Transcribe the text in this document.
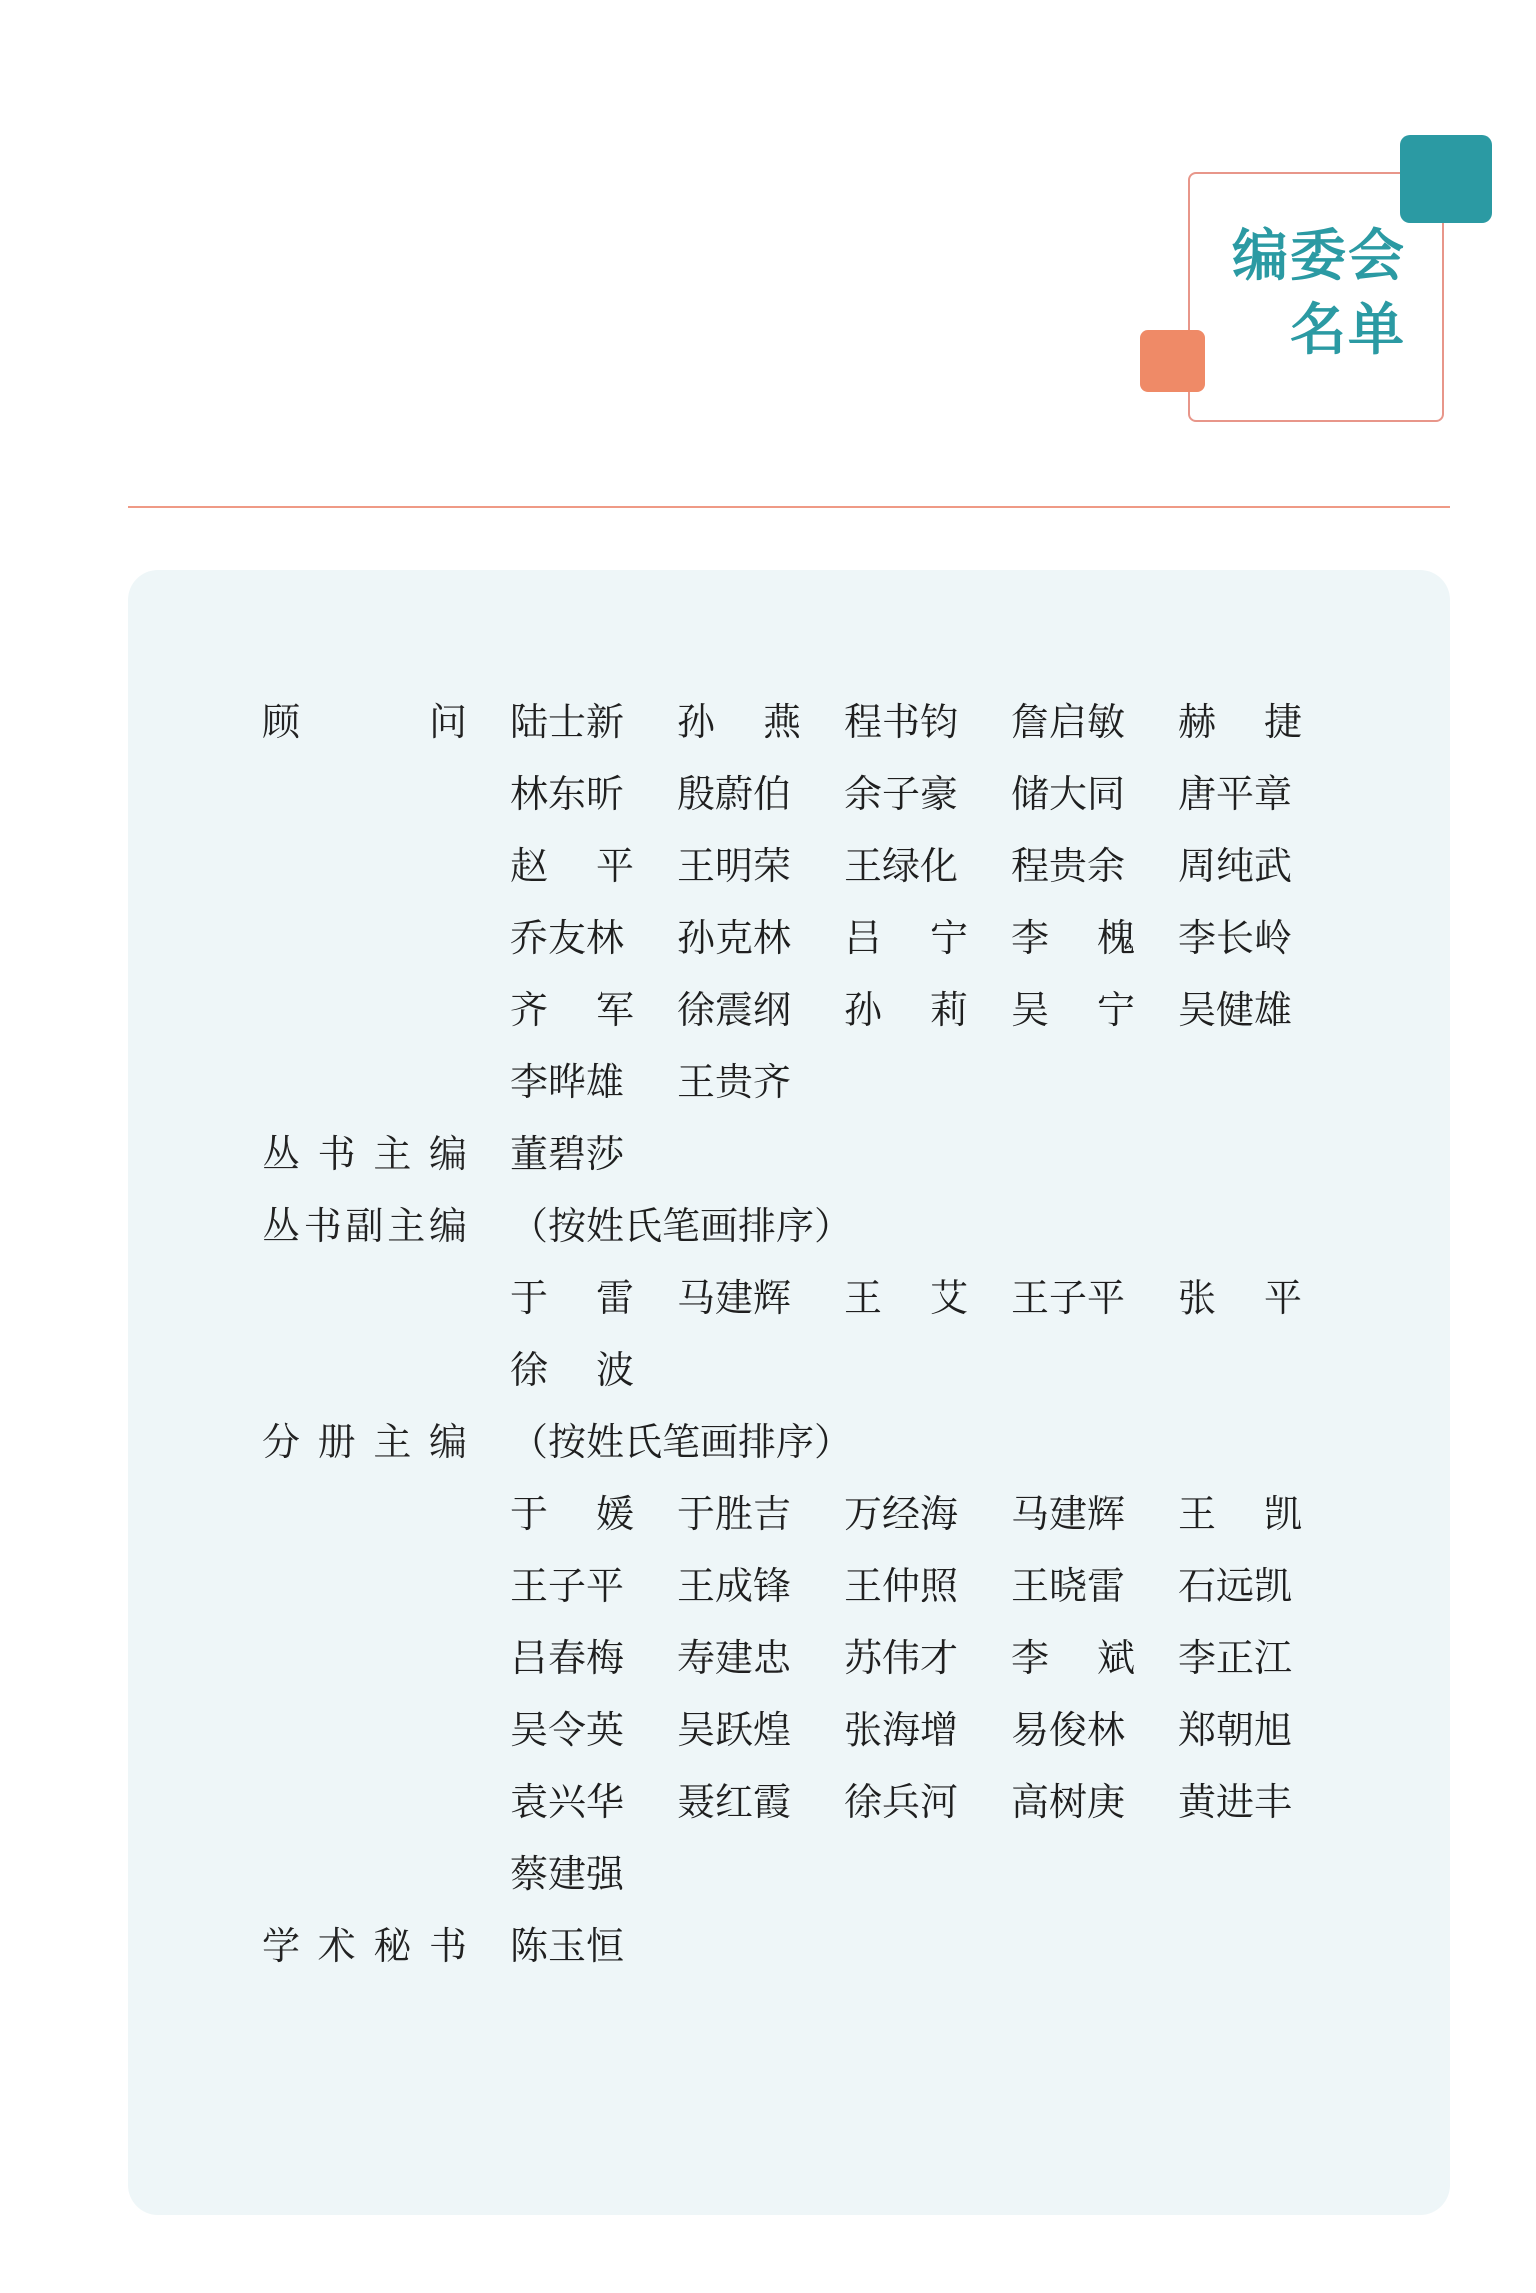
编委会
名单
顾	问 陆士新 孙 燕 程书钧 詹启敏 赫 捷
林东昕 殷蔚伯 余子豪 储大同 唐平章
赵 平 王明荣 王绿化 程贵余 周纯武
乔友林 孙克林 吕 宁 李 槐 李长岭
齐 军 徐震纲 孙 莉 吴 宁 吴健雄
李晔雄 王贵齐
丛 书 主 编 董碧莎
丛 书 副 主 编 （按姓氏笔画排序）
于 雷 马建辉 王 艾 王子平 张 平
徐 波
分 册 主 编 （按姓氏笔画排序）
于 媛 于胜吉 万经海 马建辉 王 凯
王子平 王成锋 王仲照 王晓雷 石远凯
吕春梅 寿建忠 苏伟才 李 斌 李正江
吴令英 吴跃煌 张海增 易俊林 郑朝旭
袁兴华 聂红霞 徐兵河 高树庚 黄进丰
蔡建强
学 术 秘 书 陈玉恒
